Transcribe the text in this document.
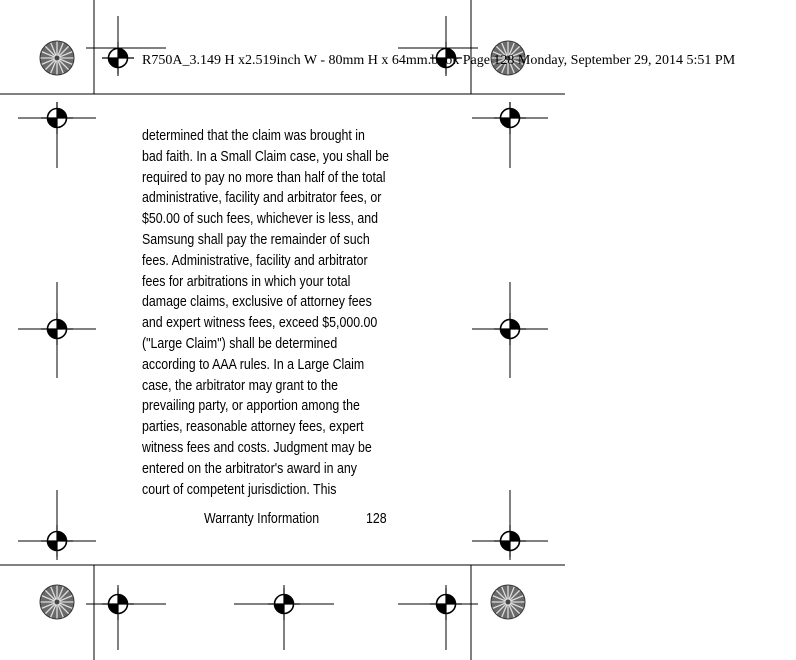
R750A_3.149 H x2.519inch W - 80mm H x 64mm.book Page 128 Monday, September 29, 2014 5:51 PM
determined that the claim was brought in
bad faith. In a Small Claim case, you shall be
required to pay no more than half of the total
administrative, facility and arbitrator fees, or
$50.00 of such fees, whichever is less, and
Samsung shall pay the remainder of such
fees. Administrative, facility and arbitrator
fees for arbitrations in which your total
damage claims, exclusive of attorney fees
and expert witness fees, exceed $5,000.00
("Large Claim") shall be determined
according to AAA rules. In a Large Claim
case, the arbitrator may grant to the
prevailing party, or apportion among the
parties, reasonable attorney fees, expert
witness fees and costs. Judgment may be
entered on the arbitrator's award in any
court of competent jurisdiction. This
Warranty Information	128
